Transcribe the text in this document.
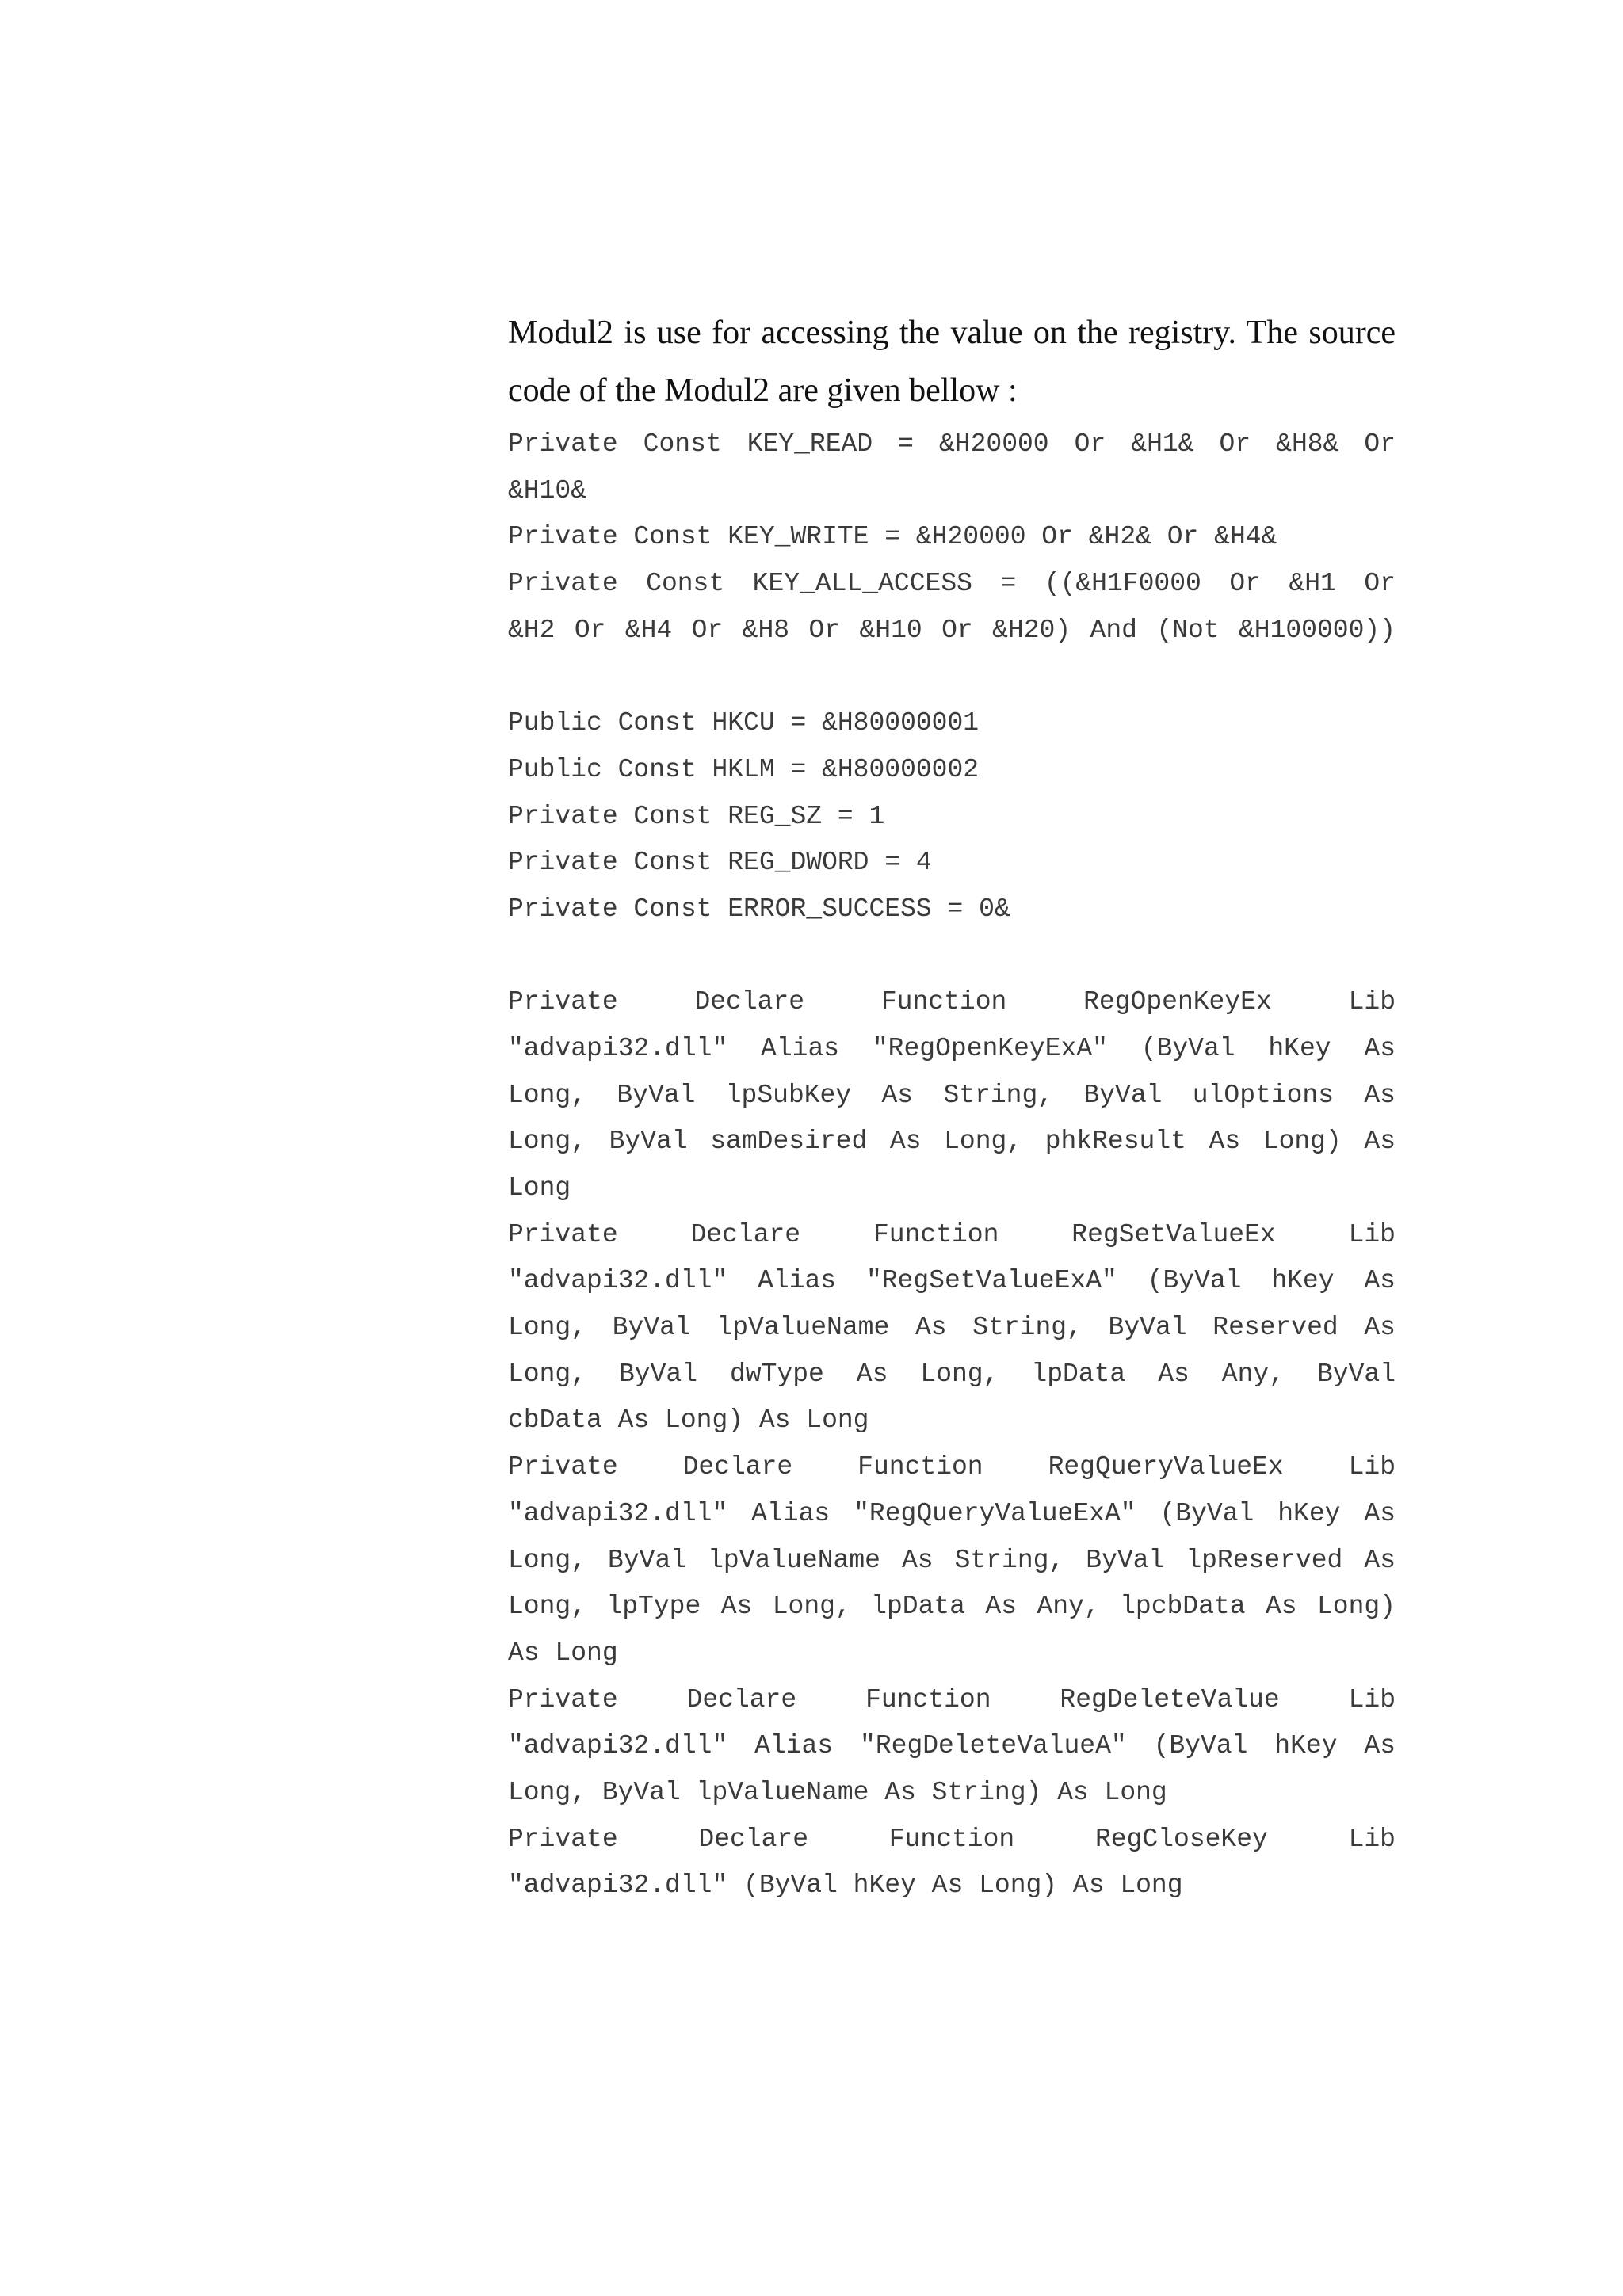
Modul2 is use for accessing the value on the registry. The source code of the Modul2 are given bellow :

Private Const KEY_READ = &H20000 Or &H1& Or &H8& Or
&H10&
Private Const KEY_WRITE = &H20000 Or &H2& Or &H4&
Private Const KEY_ALL_ACCESS = ((&H1F0000 Or &H1 Or
&H2 Or &H4 Or &H8 Or &H10 Or &H20) And (Not &H100000))

Public Const HKCU = &H80000001
Public Const HKLM = &H80000002
Private Const REG_SZ = 1
Private Const REG_DWORD = 4
Private Const ERROR_SUCCESS = 0&

Private Declare Function RegOpenKeyEx Lib
"advapi32.dll" Alias "RegOpenKeyExA" (ByVal hKey As
Long, ByVal lpSubKey As String, ByVal ulOptions As
Long, ByVal samDesired As Long, phkResult As Long) As
Long
Private Declare Function RegSetValueEx Lib
"advapi32.dll" Alias "RegSetValueExA" (ByVal hKey As
Long, ByVal lpValueName As String, ByVal Reserved As
Long, ByVal dwType As Long, lpData As Any, ByVal
cbData As Long) As Long
Private Declare Function RegQueryValueEx Lib
"advapi32.dll" Alias "RegQueryValueExA" (ByVal hKey As
Long, ByVal lpValueName As String, ByVal lpReserved As
Long, lpType As Long, lpData As Any, lpcbData As Long)
As Long
Private Declare Function RegDeleteValue Lib
"advapi32.dll" Alias "RegDeleteValueA" (ByVal hKey As
Long, ByVal lpValueName As String) As Long
Private Declare Function RegCloseKey Lib
"advapi32.dll" (ByVal hKey As Long) As Long
